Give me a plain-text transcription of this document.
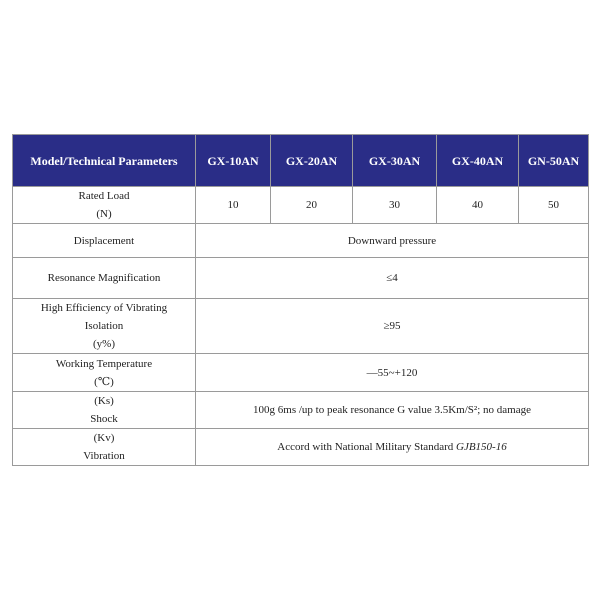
Model/Technical Parameters	GX-10AN	GX-20AN	GX-30AN	GX-40AN	GN-50AN

Rated Load
(N)	10	20	30	40	50
Displacement	Downward pressure				
Resonance Magnification	≤4				

High Efficiency of Vibrating
Isolation
(y%)	≥95				

Working Temperature
(℃)	—55~+120				

(Ks)
Shock	100g 6ms /up to peak resonance G value 3.5Km/S²; no damage				

(Kv)
Vibration	Accord with National Military Standard GJB150-16				
